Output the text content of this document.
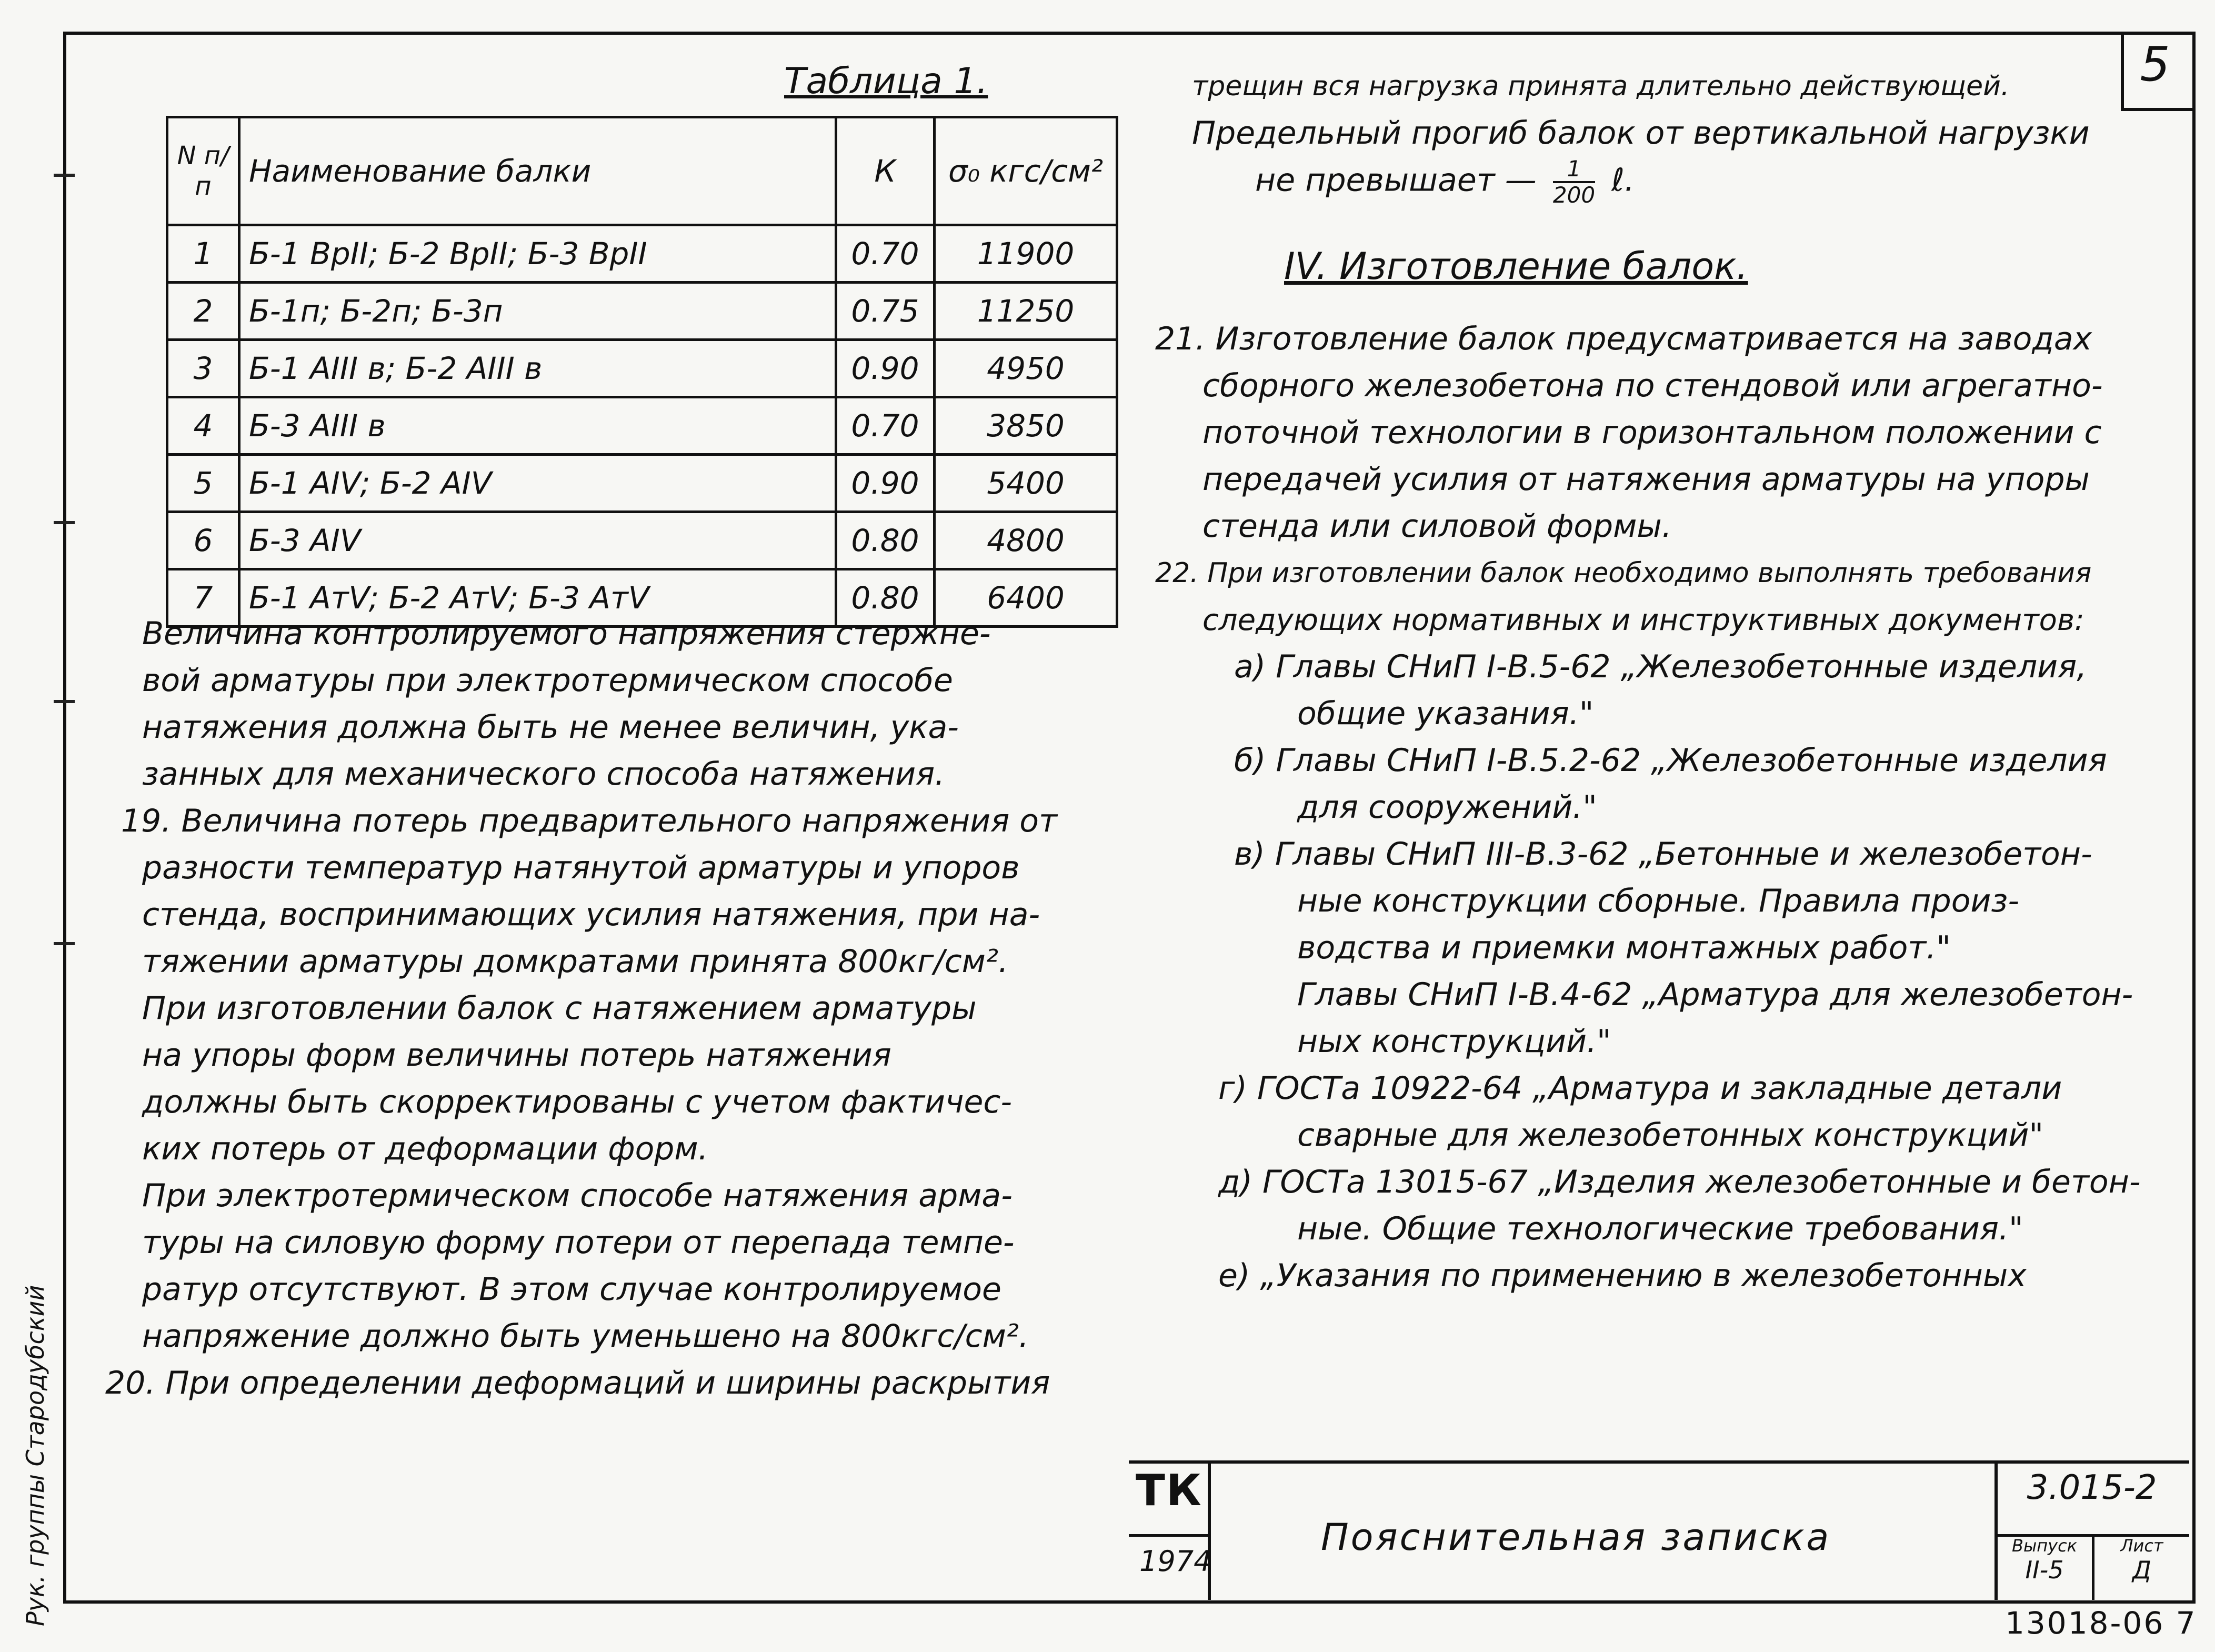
5
Рук. группы Стародубский
Таблица 1.
N п/п	Наименование балки	К	σ₀ кгс/см²
1	Б-1 ВрII; Б-2 ВрII; Б-3 ВрII	0.70	11900
2	Б-1п; Б-2п; Б-3п	0.75	11250
3	Б-1 АIII в; Б-2 АIII в	0.90	4950
4	Б-3 АIII в	0.70	3850
5	Б-1 АIV; Б-2 АIV	0.90	5400
6	Б-3 АIV	0.80	4800
7	Б-1 АтV; Б-2 АтV; Б-3 АтV	0.80	6400
Величина контролируемого напряжения стержне-
вой арматуры при электротермическом способе
натяжения должна быть не менее величин, ука-
занных для механического способа натяжения.
19. Величина потерь предварительного напряжения от
разности температур натянутой арматуры и упоров
стенда, воспринимающих усилия натяжения, при на-
тяжении арматуры домкратами принята 800кг/см².
При изготовлении балок с натяжением арматуры
на упоры форм величины потерь натяжения
должны быть скорректированы с учетом фактичес-
ких потерь от деформации форм.
При электротермическом способе натяжения арма-
туры на силовую форму потери от перепада темпе-
ратур отсутствуют. В этом случае контролируемое
напряжение должно быть уменьшено на 800кгс/см².
20. При определении деформаций и ширины раскрытия
трещин вся нагрузка принята длительно действующей.
Предельный прогиб балок от вертикальной нагрузки
не превышает — $\frac{1}{200}$ ℓ.
IV. Изготовление балок.
21. Изготовление балок предусматривается на заводах
сборного железобетона по стендовой или агрегатно-
поточной технологии в горизонтальном положении с
передачей усилия от натяжения арматуры на упоры
стенда или силовой формы.
22. При изготовлении балок необходимо выполнять требования
следующих нормативных и инструктивных документов:
а) Главы СНиП I-В.5-62 „Железобетонные изделия,
общие указания."
б) Главы СНиП I-В.5.2-62 „Железобетонные изделия
для сооружений."
в) Главы СНиП III-В.3-62 „Бетонные и железобетон-
ные конструкции сборные. Правила произ-
водства и приемки монтажных работ."
Главы СНиП I-В.4-62 „Арматура для железобетон-
ных конструкций."
г) ГОСТа 10922-64 „Арматура и закладные детали
сварные для железобетонных конструкций"
д) ГОСТа 13015-67 „Изделия железобетонные и бетон-
ные. Общие технологические требования."
е) „Указания по применению в железобетонных
ТК
1974
Пояснительная записка
3.015-2
Выпуск
II-5
Лист
Д
13018-06 7
